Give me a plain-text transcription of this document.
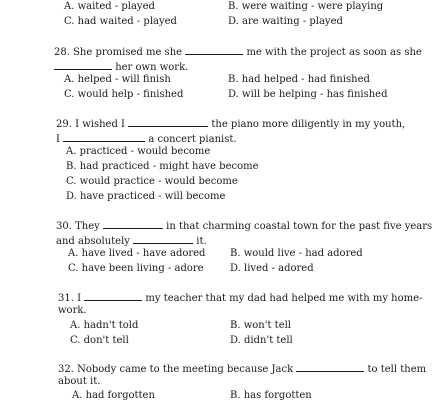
A. waited - played	B. were waiting - were playing
C. had waited - played	D. are waiting - played
28. She promised me she	me with the project as soon as she
her own work.
A. helped - will finish	B. had helped - had finished
C. would help - finished	D. will be helping - has finished
29. I wished I	the piano more diligently in my youth,
I	a concert pianist.
A. practiced - would become
B. had practiced - might have become
C. would practice - would become
D. have practiced - will become
30. They	in that charming coastal town for the past five years
and absolutely	it.
A. have lived - have adored B. would live - had adored
C. have been living - adore	D. lived - adored
31. I	my teacher that my dad had helped me with my home-
work.
A. hadn't told	B. won't tell
C. don't tell	D. didn't tell
32. Nobody came to the meeting because Jack	to tell them
about it.
A. had forgotten	B. has forgotten
